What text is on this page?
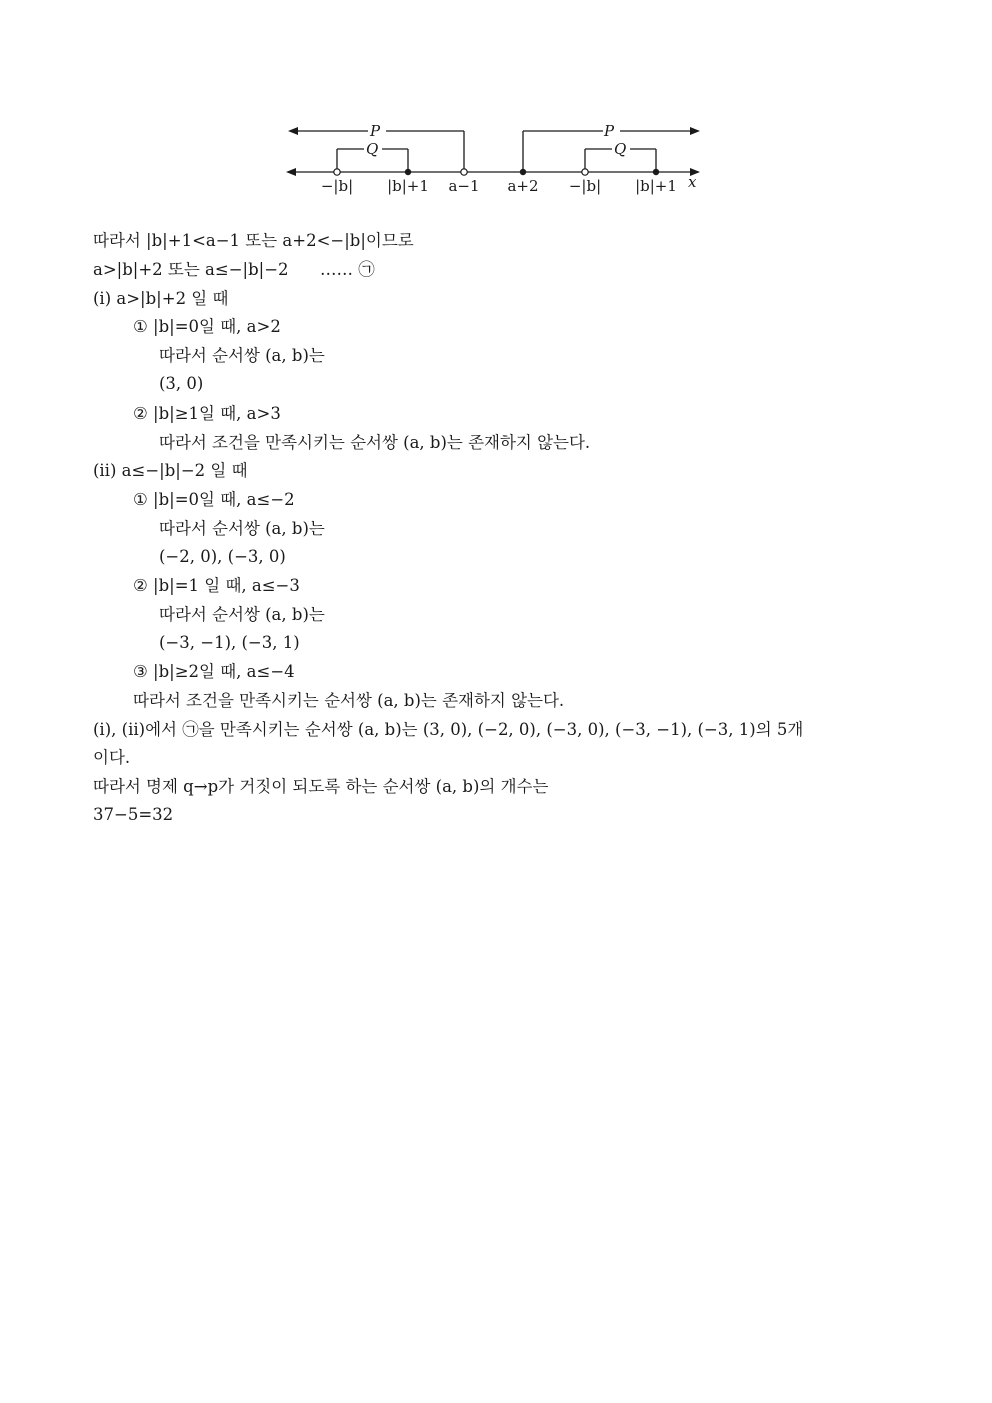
P	P
Q	Q
−|b| |b|+1 a−1 a+2 −|b| |b|+1 x
따라서 |b|+1<a−1 또는 a+2<−|b|이므로
a>|b|+2 또는 a≤−|b|−2      …… ㉠
(ⅰ) a>|b|+2 일 때
① |b|=0일 때, a>2
따라서 순서쌍 (a, b)는
(3, 0)
② |b|≥1일 때, a>3
따라서 조건을 만족시키는 순서쌍 (a, b)는 존재하지 않는다.
(ⅱ) a≤−|b|−2 일 때
① |b|=0일 때, a≤−2
따라서 순서쌍 (a, b)는
(−2, 0), (−3, 0)
② |b|=1 일 때, a≤−3
따라서 순서쌍 (a, b)는
(−3, −1), (−3, 1)
③ |b|≥2일 때, a≤−4
따라서 조건을 만족시키는 순서쌍 (a, b)는 존재하지 않는다.
(ⅰ), (ⅱ)에서 ㉠을 만족시키는 순서쌍 (a, b)는 (3, 0), (−2, 0), (−3, 0), (−3, −1), (−3, 1)의 5개
이다.
따라서 명제 q→p가 거짓이 되도록 하는 순서쌍 (a, b)의 개수는
37−5=32
